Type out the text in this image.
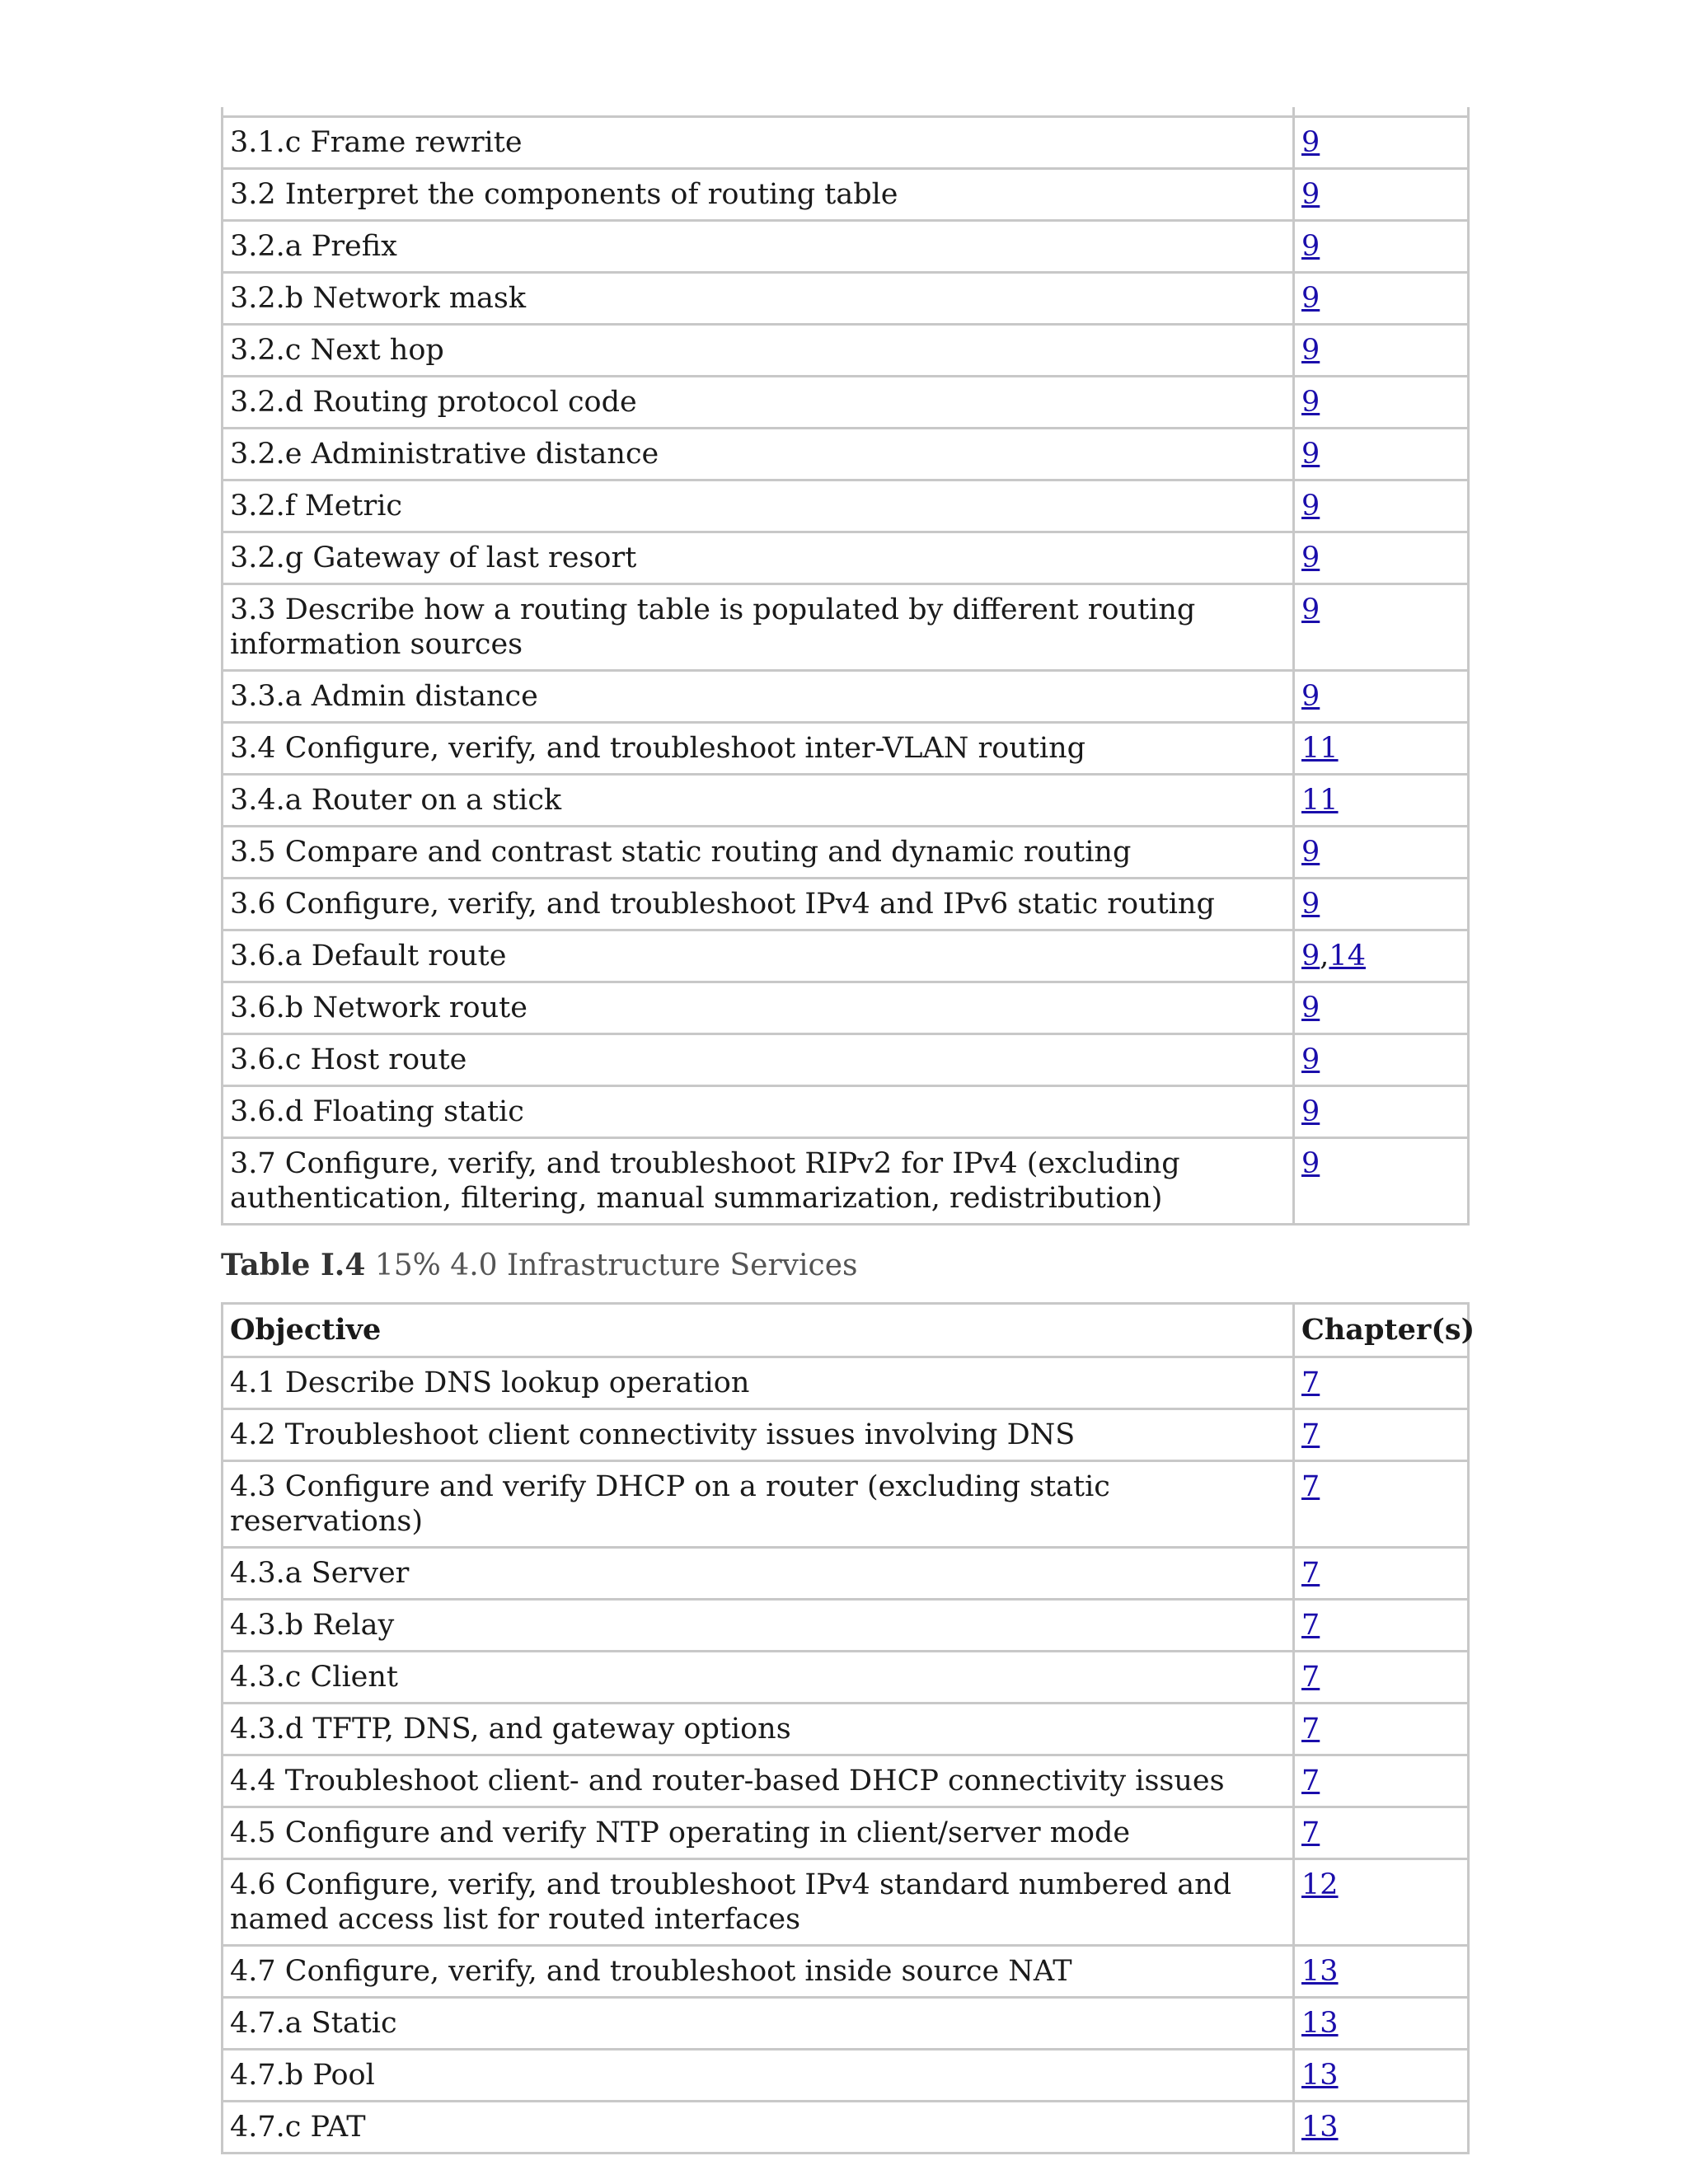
3.1.c Frame rewrite	9
3.2 Interpret the components of routing table	9
3.2.a Prefix	9
3.2.b Network mask	9
3.2.c Next hop	9
3.2.d Routing protocol code	9
3.2.e Administrative distance	9
3.2.f Metric	9
3.2.g Gateway of last resort	9
3.3 Describe how a routing table is populated by different routing information sources	9
3.3.a Admin distance	9
3.4 Configure, verify, and troubleshoot inter-VLAN routing	11
3.4.a Router on a stick	11
3.5 Compare and contrast static routing and dynamic routing	9
3.6 Configure, verify, and troubleshoot IPv4 and IPv6 static routing	9
3.6.a Default route	9,14
3.6.b Network route	9
3.6.c Host route	9
3.6.d Floating static	9
3.7 Configure, verify, and troubleshoot RIPv2 for IPv4 (excluding authentication, filtering, manual summarization, redistribution)	9
Table I.4 15% 4.0 Infrastructure Services
Objective	Chapter(s)
4.1 Describe DNS lookup operation	7
4.2 Troubleshoot client connectivity issues involving DNS	7
4.3 Configure and verify DHCP on a router (excluding static reservations)	7
4.3.a Server	7
4.3.b Relay	7
4.3.c Client	7
4.3.d TFTP, DNS, and gateway options	7
4.4 Troubleshoot client- and router-based DHCP connectivity issues	7
4.5 Configure and verify NTP operating in client/server mode	7
4.6 Configure, verify, and troubleshoot IPv4 standard numbered and named access list for routed interfaces	12
4.7 Configure, verify, and troubleshoot inside source NAT	13
4.7.a Static	13
4.7.b Pool	13
4.7.c PAT	13
